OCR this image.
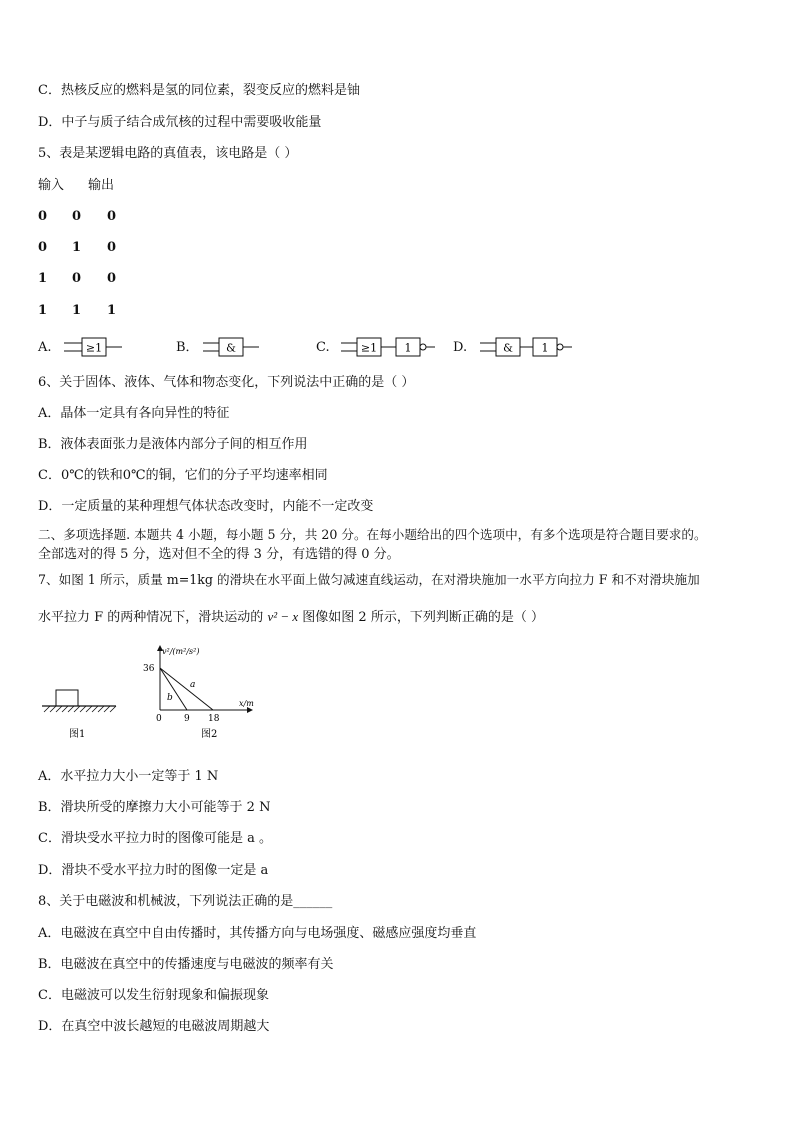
C．热核反应的燃料是氢的同位素，裂变反应的燃料是铀
D．中子与质子结合成氘核的过程中需要吸收能量
5、表是某逻辑电路的真值表，该电路是（ ）
输入 输出
0 0 0
0 1 0
1 0 0
1 1 1
A.	≥1	B．	&	C.	≥1 1	D.	&	1
6、关于固体、液体、气体和物态变化，下列说法中正确的是（ ）
A．晶体一定具有各向异性的特征
B．液体表面张力是液体内部分子间的相互作用
C．0℃的铁和0℃的铜，它们的分子平均速率相同
D．一定质量的某种理想气体状态改变时，内能不一定改变
二、多项选择题. 本题共 4 小题，每小题 5 分，共 20 分。在每小题给出的四个选项中，有多个选项是符合题目要求的。
全部选对的得 5 分，选对但不全的得 3 分，有选错的得 0 分。
7、如图 1 所示，质量 m=1kg 的滑块在水平面上做匀减速直线运动，在对滑块施加一水平方向拉力 F 和不对滑块施加
水平拉力 F 的两种情况下，滑块运动的 v² − x 图像如图 2 所示，下列判断正确的是（ ）
图1
v²/(m²/s²)
x/m
36
a
b
0 9 18
图2
A．水平拉力大小一定等于 1 N
B．滑块所受的摩擦力大小可能等于 2 N
C．滑块受水平拉力时的图像可能是 a 。
D．滑块不受水平拉力时的图像一定是 a
8、关于电磁波和机械波，下列说法正确的是______
A．电磁波在真空中自由传播时，其传播方向与电场强度、磁感应强度均垂直
B．电磁波在真空中的传播速度与电磁波的频率有关
C．电磁波可以发生衍射现象和偏振现象
D．在真空中波长越短的电磁波周期越大
